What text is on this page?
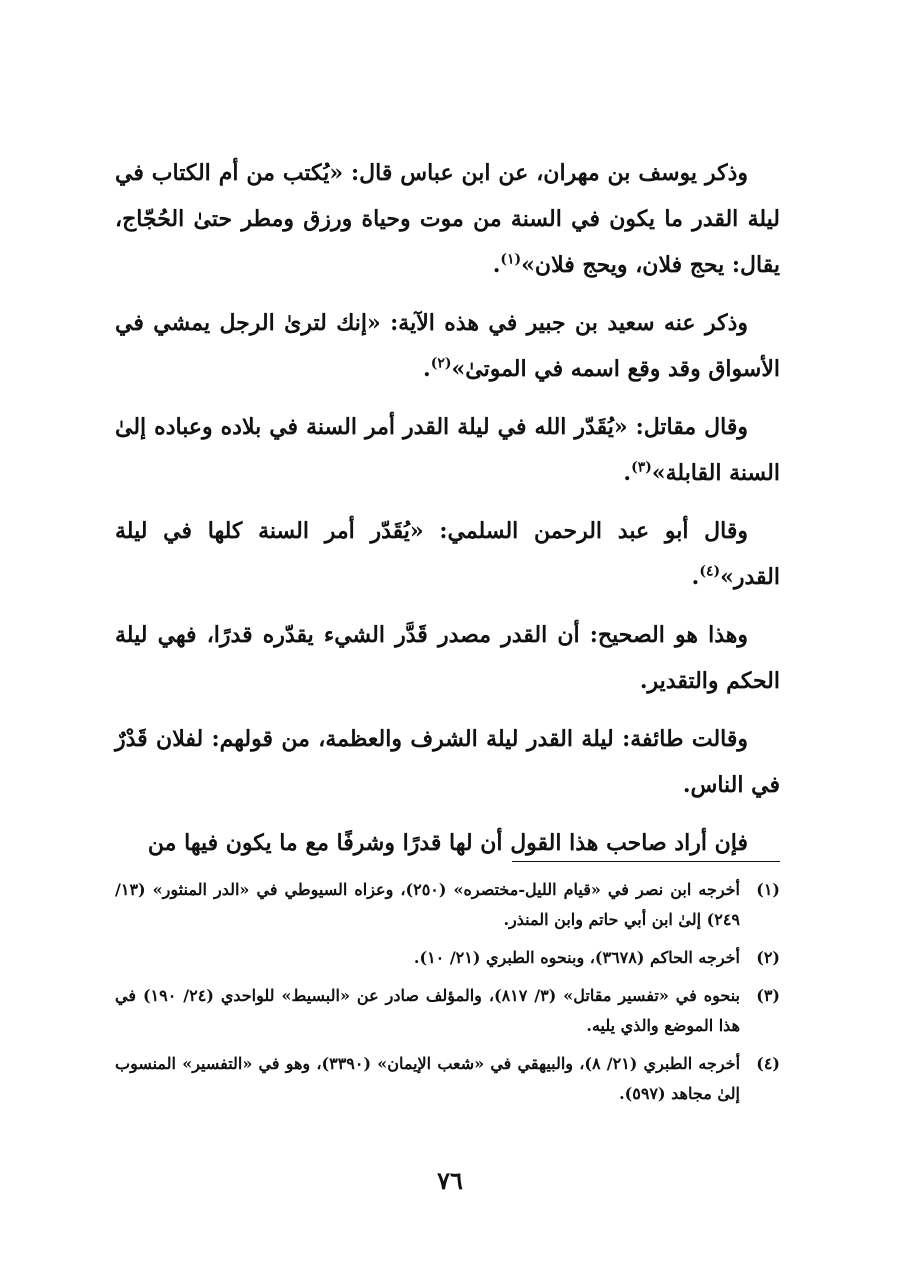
وذكر يوسف بن مهران، عن ابن عباس قال: «يُكتب من أم الكتاب في ليلة القدر ما يكون في السنة من موت وحياة ورزق ومطر حتىٰ الحُجّاج، يقال: يحج فلان، ويحج فلان»$^{(١)}$.

وذكر عنه سعيد بن جبير في هذه الآية: «إنك لترىٰ الرجل يمشي في الأسواق وقد وقع اسمه في الموتىٰ»$^{(٢)}$.

وقال مقاتل: «يُقَدّر الله في ليلة القدر أمر السنة في بلاده وعباده إلىٰ السنة القابلة»$^{(٣)}$.

وقال أبو عبد الرحمن السلمي: «يُقَدّر أمر السنة كلها في ليلة القدر»$^{(٤)}$.

وهذا هو الصحيح: أن القدر مصدر قَدَّر الشيء يقدّره قدرًا، فهي ليلة الحكم والتقدير.

وقالت طائفة: ليلة القدر ليلة الشرف والعظمة، من قولهم: لفلان قَدْرٌ في الناس.

فإن أراد صاحب هذا القول أن لها قدرًا وشرفًا مع ما يكون فيها من

(١)
أخرجه ابن نصر في «قيام الليل-مختصره» (٢٥٠)، وعزاه السيوطي في «الدر المنثور» (١٣/ ٢٤٩) إلىٰ ابن أبي حاتم وابن المنذر.
(٢)
أخرجه الحاكم (٣٦٧٨)، وبنحوه الطبري (٢١/ ١٠).
(٣)
بنحوه في «تفسير مقاتل» (٣/ ٨١٧)، والمؤلف صادر عن «البسيط» للواحدي (٢٤/ ١٩٠) في هذا الموضع والذي يليه.
(٤)
أخرجه الطبري (٢١/ ٨)، والبيهقي في «شعب الإيمان» (٣٣٩٠)، وهو في «التفسير» المنسوب إلىٰ مجاهد (٥٩٧).
٧٦
